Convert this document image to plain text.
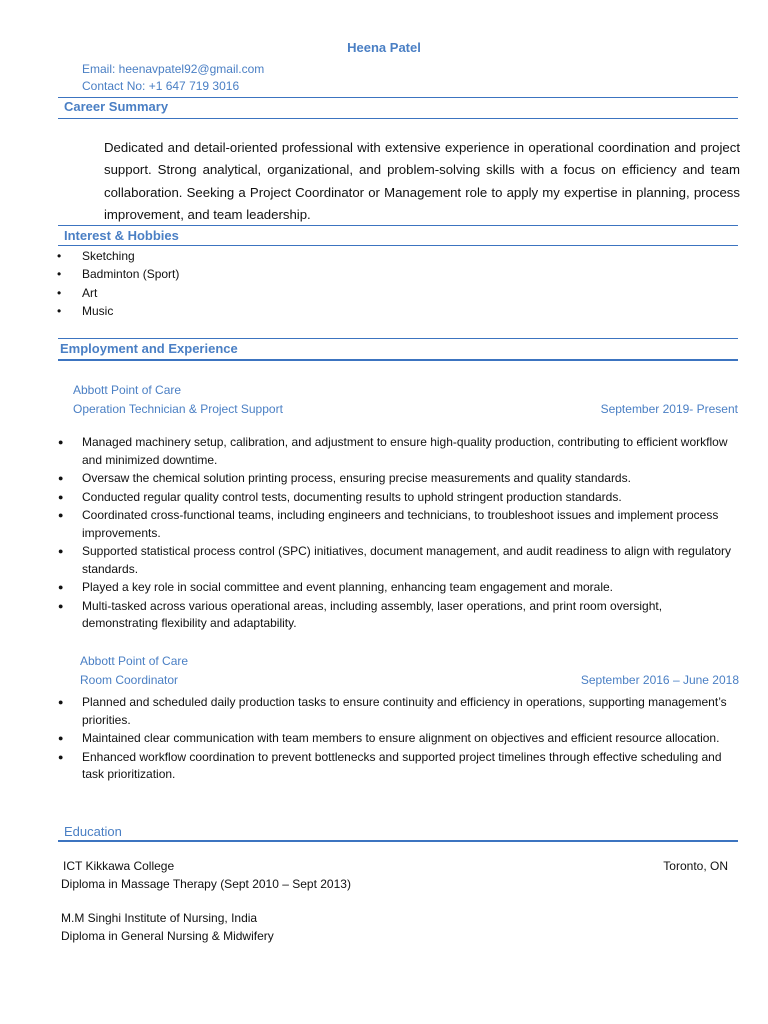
Heena Patel
Email: heenavpatel92@gmail.com
Contact No: +1 647 719 3016
Career Summary
Dedicated and detail-oriented professional with extensive experience in operational coordination and project support. Strong analytical, organizational, and problem-solving skills with a focus on efficiency and team collaboration. Seeking a Project Coordinator or Management role to apply my expertise in planning, process improvement, and team leadership.
Interest & Hobbies
• Sketching
• Badminton (Sport)
• Art
• Music
Employment and Experience
Abbott Point of Care
Operation Technician & Project Support	September 2019- Present
● Managed machinery setup, calibration, and adjustment to ensure high-quality production, contributing to efficient workflow and minimized downtime.
● Oversaw the chemical solution printing process, ensuring precise measurements and quality standards.
● Conducted regular quality control tests, documenting results to uphold stringent production standards.
● Coordinated cross-functional teams, including engineers and technicians, to troubleshoot issues and implement process improvements.
● Supported statistical process control (SPC) initiatives, document management, and audit readiness to align with regulatory standards.
● Played a key role in social committee and event planning, enhancing team engagement and morale.
● Multi-tasked across various operational areas, including assembly, laser operations, and print room oversight, demonstrating flexibility and adaptability.
Abbott Point of Care
Room Coordinator	September 2016 – June 2018
● Planned and scheduled daily production tasks to ensure continuity and efficiency in operations, supporting management’s priorities.
● Maintained clear communication with team members to ensure alignment on objectives and efficient resource allocation.
● Enhanced workflow coordination to prevent bottlenecks and supported project timelines through effective scheduling and task prioritization.
Education
ICT Kikkawa College	Toronto, ON
Diploma in Massage Therapy (Sept 2010 – Sept 2013)
M.M Singhi Institute of Nursing, India
Diploma in General Nursing & Midwifery
